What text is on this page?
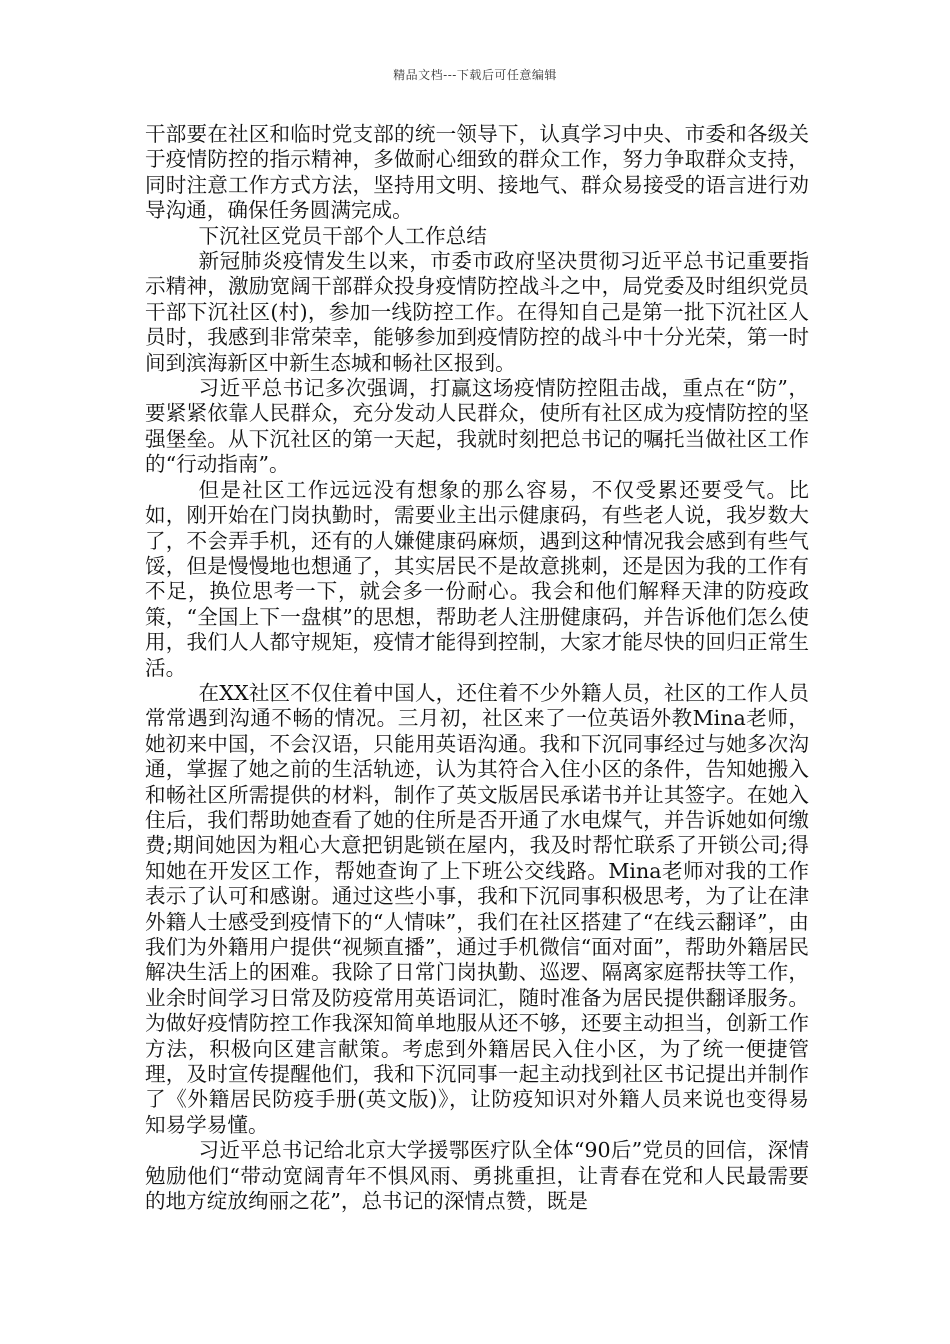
精品文档---下载后可任意编辑

干部要在社区和临时党支部的统一领导下，认真学习中央、市委和各级关于疫情防控的指示精神，多做耐心细致的群众工作，努力争取群众支持，同时注意工作方式方法，坚持用文明、接地气、群众易接受的语言进行劝导沟通，确保任务圆满完成。

下沉社区党员干部个人工作总结

新冠肺炎疫情发生以来，市委市政府坚决贯彻习近平总书记重要指示精神，激励宽阔干部群众投身疫情防控战斗之中，局党委及时组织党员干部下沉社区(村)，参加一线防控工作。在得知自己是第一批下沉社区人员时，我感到非常荣幸，能够参加到疫情防控的战斗中十分光荣，第一时间到滨海新区中新生态城和畅社区报到。

习近平总书记多次强调，打赢这场疫情防控阻击战，重点在“防”，要紧紧依靠人民群众，充分发动人民群众，使所有社区成为疫情防控的坚强堡垒。从下沉社区的第一天起，我就时刻把总书记的嘱托当做社区工作的“行动指南”。

但是社区工作远远没有想象的那么容易，不仅受累还要受气。比如，刚开始在门岗执勤时，需要业主出示健康码，有些老人说，我岁数大了，不会弄手机，还有的人嫌健康码麻烦，遇到这种情况我会感到有些气馁，但是慢慢地也想通了，其实居民不是故意挑刺，还是因为我的工作有不足，换位思考一下，就会多一份耐心。我会和他们解释天津的防疫政策，“全国上下一盘棋”的思想，帮助老人注册健康码，并告诉他们怎么使用，我们人人都守规矩，疫情才能得到控制，大家才能尽快的回归正常生活。

在XX社区不仅住着中国人，还住着不少外籍人员，社区的工作人员常常遇到沟通不畅的情况。三月初，社区来了一位英语外教Mina老师，她初来中国，不会汉语，只能用英语沟通。我和下沉同事经过与她多次沟通，掌握了她之前的生活轨迹，认为其符合入住小区的条件，告知她搬入和畅社区所需提供的材料，制作了英文版居民承诺书并让其签字。在她入住后，我们帮助她查看了她的住所是否开通了水电煤气，并告诉她如何缴费;期间她因为粗心大意把钥匙锁在屋内，我及时帮忙联系了开锁公司;得知她在开发区工作，帮她查询了上下班公交线路。Mina老师对我的工作表示了认可和感谢。通过这些小事，我和下沉同事积极思考，为了让在津外籍人士感受到疫情下的“人情味”，我们在社区搭建了“在线云翻译”，由我们为外籍用户提供“视频直播”，通过手机微信“面对面”，帮助外籍居民解决生活上的困难。我除了日常门岗执勤、巡逻、隔离家庭帮扶等工作，业余时间学习日常及防疫常用英语词汇，随时准备为居民提供翻译服务。为做好疫情防控工作我深知简单地服从还不够，还要主动担当，创新工作方法，积极向区建言献策。考虑到外籍居民入住小区，为了统一便捷管理，及时宣传提醒他们，我和下沉同事一起主动找到社区书记提出并制作了《外籍居民防疫手册(英文版)》，让防疫知识对外籍人员来说也变得易知易学易懂。

习近平总书记给北京大学援鄂医疗队全体“90后”党员的回信，深情勉励他们“带动宽阔青年不惧风雨、勇挑重担，让青春在党和人民最需要的地方绽放绚丽之花”，总书记的深情点赞，既是
